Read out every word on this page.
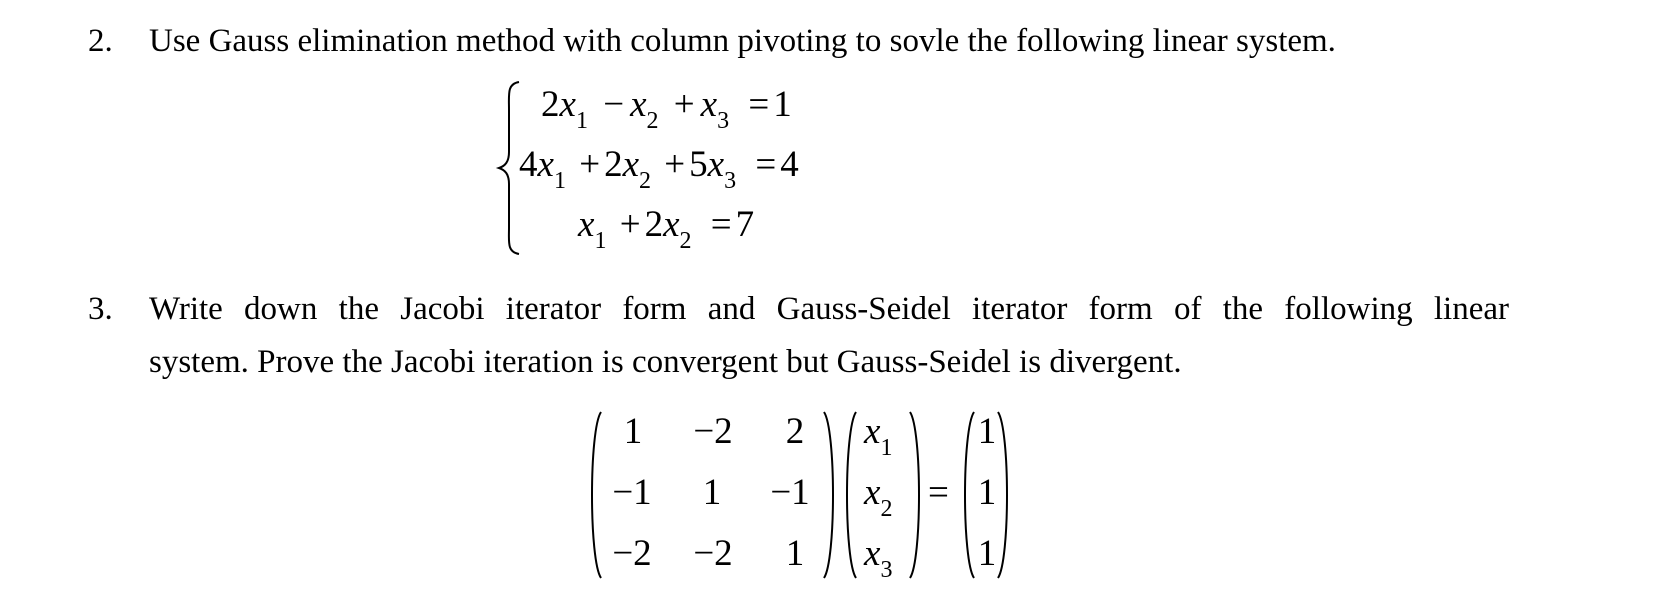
2. Use Gauss elimination method with column pivoting to sovle the following linear system.
$2x_1 - x_2 + x_3 = 1$
$4x_1 + 2x_2 + 5x_3 = 4$
$x_1 + 2x_2 = 7$
3. Write down the Jacobi iterator form and Gauss-Seidel iterator form of the following linear
system. Prove the Jacobi iteration is convergent but Gauss-Seidel is divergent.
1 −2 2
−1 1 −1
−2 −2 1
$x_1$
$x_2$
$x_3$
=
1
1
1
